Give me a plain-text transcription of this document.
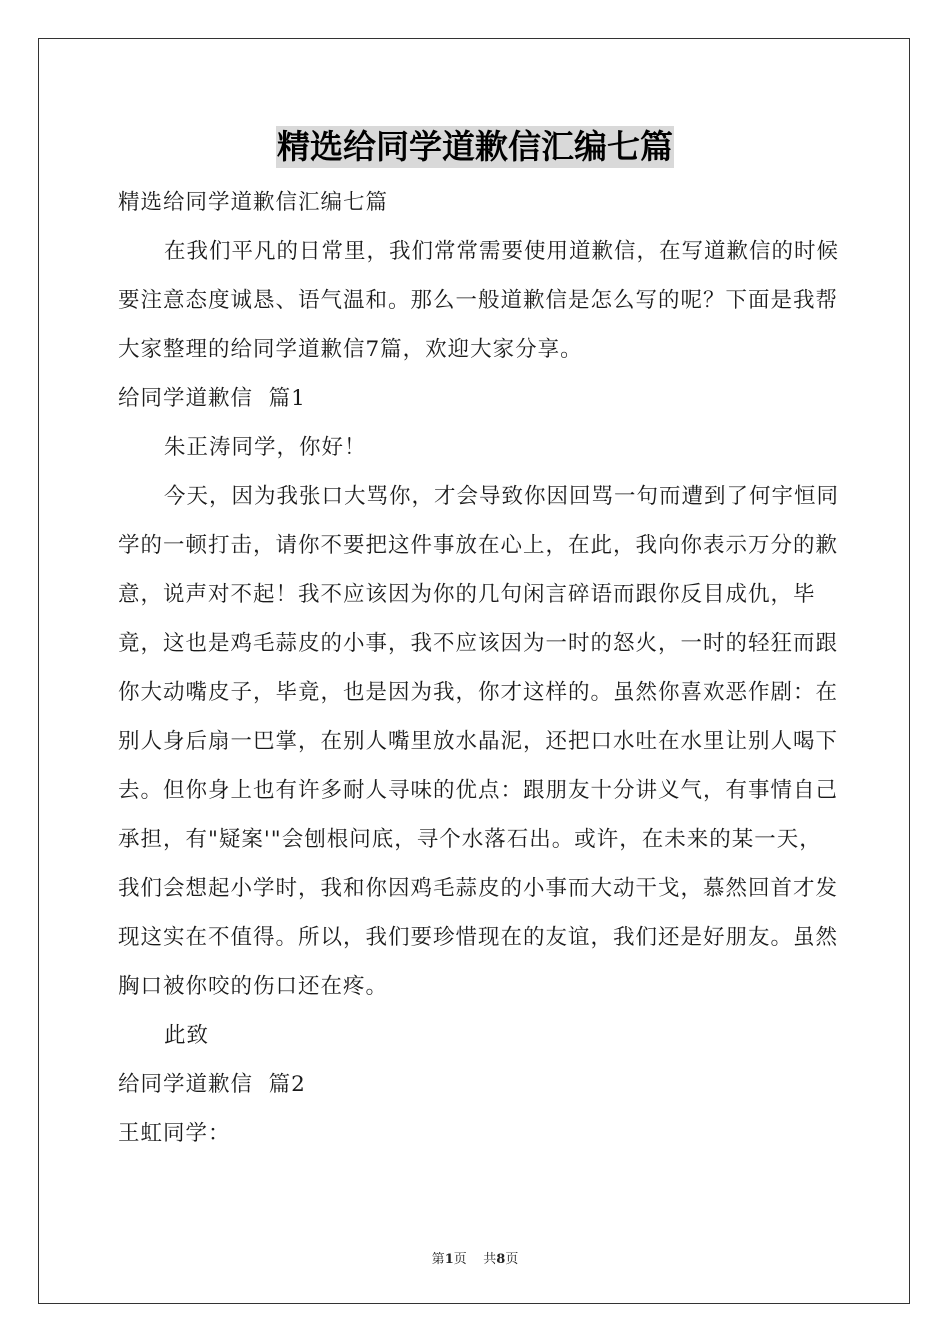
精选给同学道歉信汇编七篇

精选给同学道歉信汇编七篇

在我们平凡的日常里，我们常常需要使用道歉信，在写道歉信的时候要注意态度诚恳、语气温和。那么一般道歉信是怎么写的呢？下面是我帮大家整理的给同学道歉信7篇，欢迎大家分享。

给同学道歉信  篇1

朱正涛同学，你好！

今天，因为我张口大骂你，才会导致你因回骂一句而遭到了何宇恒同学的一顿打击，请你不要把这件事放在心上，在此，我向你表示万分的歉意，说声对不起！我不应该因为你的几句闲言碎语而跟你反目成仇，毕竟，这也是鸡毛蒜皮的小事，我不应该因为一时的怒火，一时的轻狂而跟你大动嘴皮子，毕竟，也是因为我，你才这样的。虽然你喜欢恶作剧：在别人身后扇一巴掌，在别人嘴里放水晶泥，还把口水吐在水里让别人喝下去。但你身上也有许多耐人寻味的优点：跟朋友十分讲义气，有事情自己承担，有"疑案'"会刨根问底，寻个水落石出。或许，在未来的某一天，我们会想起小学时，我和你因鸡毛蒜皮的小事而大动干戈，慕然回首才发现这实在不值得。所以，我们要珍惜现在的友谊，我们还是好朋友。虽然胸口被你咬的伤口还在疼。

此致

给同学道歉信  篇2

王虹同学：

第1页    共8页
